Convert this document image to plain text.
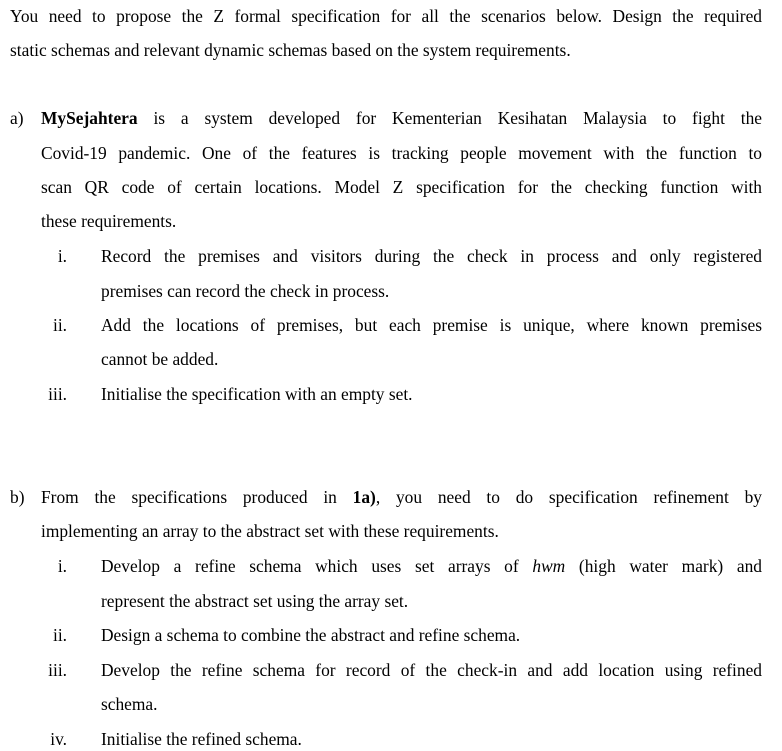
You need to propose the Z formal specification for all the scenarios below. Design the required
static schemas and relevant dynamic schemas based on the system requirements.
a) MySejahtera is a system developed for Kementerian Kesihatan Malaysia to fight the
Covid-19 pandemic. One of the features is tracking people movement with the function to
scan QR code of certain locations. Model Z specification for the checking function with
these requirements.
i. Record the premises and visitors during the check in process and only registered
premises can record the check in process.
ii. Add the locations of premises, but each premise is unique, where known premises
cannot be added.
iii. Initialise the specification with an empty set.
b) From the specifications produced in 1a), you need to do specification refinement by
implementing an array to the abstract set with these requirements.
i. Develop a refine schema which uses set arrays of hwm (high water mark) and
represent the abstract set using the array set.
ii. Design a schema to combine the abstract and refine schema.
iii. Develop the refine schema for record of the check-in and add location using refined
schema.
iv. Initialise the refined schema.
